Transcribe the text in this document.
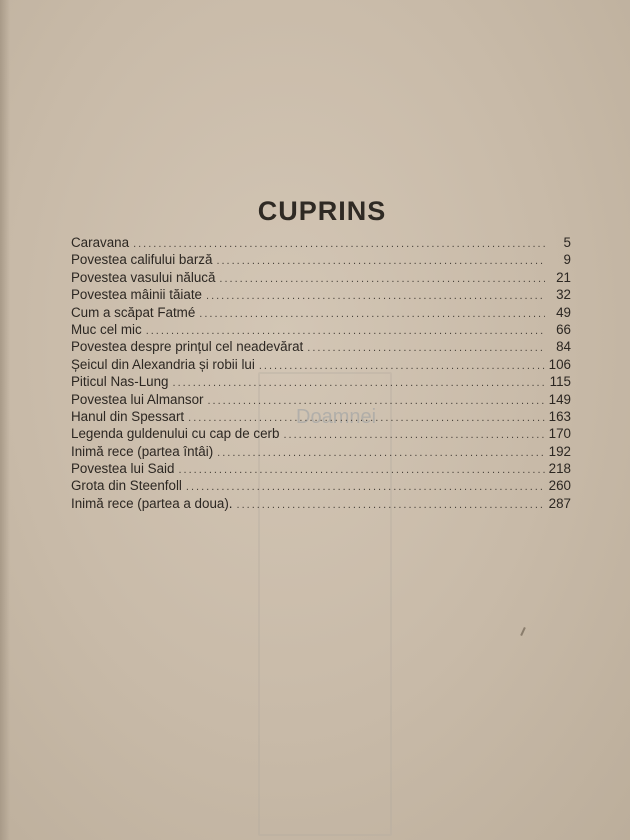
Doamnei
CUPRINS
Caravana .....	5
Povestea califului barză .....	9
Povestea vasului nălucă .....	21
Povestea mâinii tăiate .....	32
Cum a scăpat Fatmé .....	49
Muc cel mic .....	66
Povestea despre prințul cel neadevărat .....	84
Șeicul din Alexandria și robii lui .....	106
Piticul Nas-Lung .....	115
Povestea lui Almansor .....	149
Hanul din Spessart .....	163
Legenda guldenului cu cap de cerb .....	170
Inimă rece (partea întâi) .....	192
Povestea lui Said .....	218
Grota din Steenfoll .....	260
Inimă rece (partea a doua). .....	287
